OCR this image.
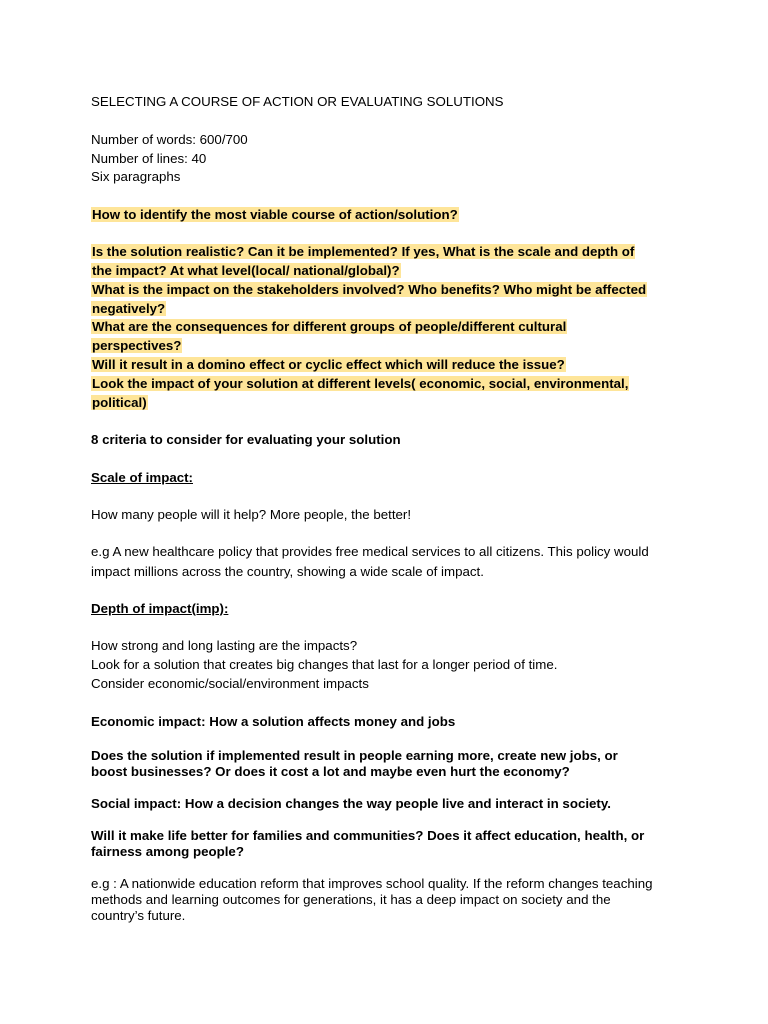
SELECTING A COURSE OF ACTION OR EVALUATING SOLUTIONS
Number of words: 600/700
Number of lines: 40
Six paragraphs
How to identify the most viable course of action/solution?
Is the solution realistic? Can it be implemented? If yes, What is the scale and depth of
the impact? At what level(local/ national/global)?
What is the impact on the stakeholders involved? Who benefits? Who might be affected
negatively?
What are the consequences for different groups of people/different cultural
perspectives?
Will it result in a domino effect or cyclic effect which will reduce the issue?
Look the impact of your solution at different levels( economic, social, environmental,
political)
8 criteria to consider for evaluating your solution
Scale of impact:
How many people will it help? More people, the better!
e.g A new healthcare policy that provides free medical services to all citizens. This policy would
impact millions across the country, showing a wide scale of impact.
Depth of impact(imp):
How strong and long lasting are the impacts?
Look for a solution that creates big changes that last for a longer period of time.
Consider economic/social/environment impacts
Economic impact: How a solution affects money and jobs
Does the solution if implemented result in people earning more, create new jobs, or
boost businesses? Or does it cost a lot and maybe even hurt the economy?
Social impact: How a decision changes the way people live and interact in society.
Will it make life better for families and communities? Does it affect education, health, or
fairness among people?
e.g : A nationwide education reform that improves school quality. If the reform changes teaching
methods and learning outcomes for generations, it has a deep impact on society and the
country’s future.
